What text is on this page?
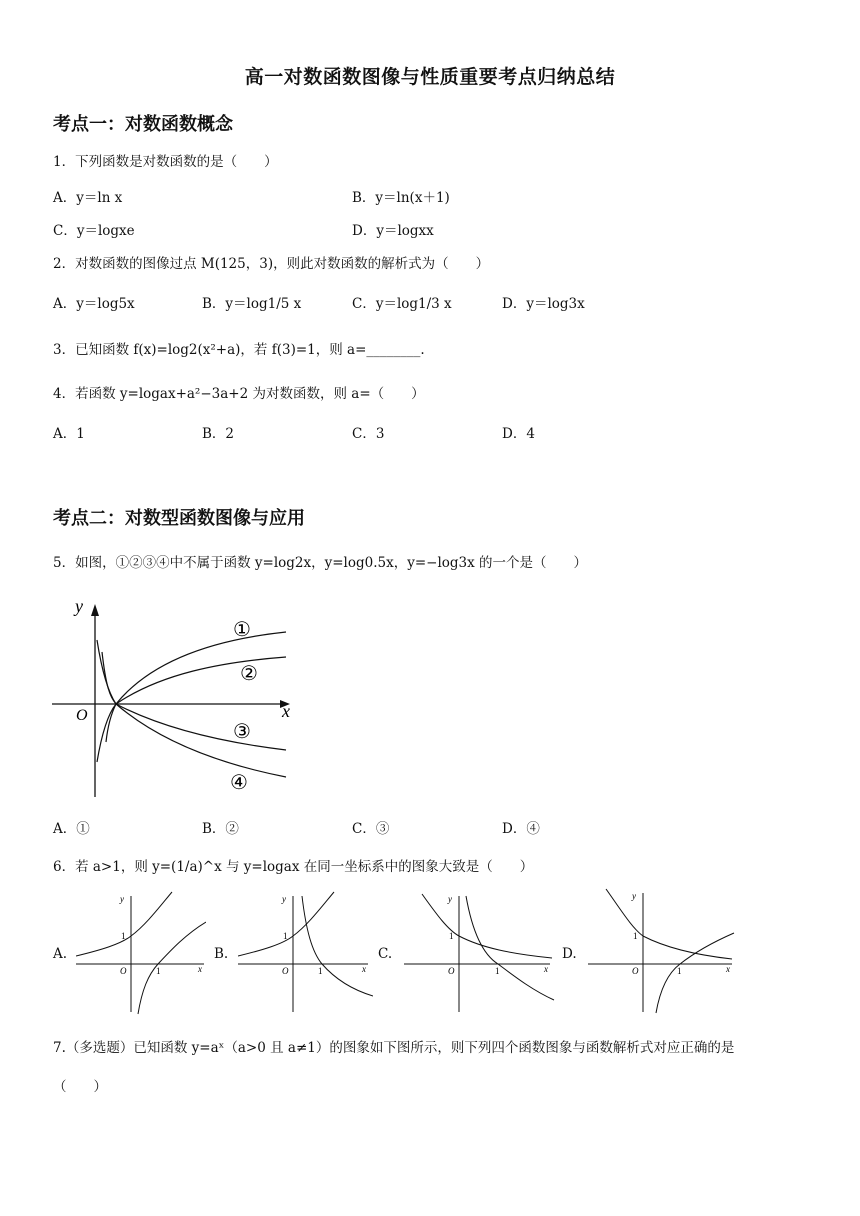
高一对数函数图像与性质重要考点归纳总结
考点一：对数函数概念
1．下列函数是对数函数的是（　　）
A．y＝ln x	B．y＝ln(x＋1)
C．y＝logxe	D．y＝logxx
2．对数函数的图像过点 M(125，3)，则此对数函数的解析式为（　　）
A．y＝log5x	B．y＝log1/5 x	C．y＝log1/3 x	D．y＝log3x
3．已知函数 f(x)=log2(x²+a)，若 f(3)=1，则 a=________.
4．若函数 y=logax+a²−3a+2 为对数函数，则 a=（　　）
A．1	B．2	C．3	D．4
考点二：对数型函数图像与应用
5．如图，①②③④中不属于函数 y=log2x，y=log0.5x，y=−log3x 的一个是（　　）
x
y
O
①
②
③
④
A．①	B．②	C．③	D．④
6．若 a>1，则 y=(1/a)^x 与 y=logax 在同一坐标系中的图象大致是（　　）
A.
x
y
O	1
1
B.
x
y
O	1
1
C.
x
y
O	1
1
D.
x
y
O	1
1
7.（多选题）已知函数 y=aˣ（a>0 且 a≠1）的图象如下图所示，则下列四个函数图象与函数解析式对应正确的是
（　　）
